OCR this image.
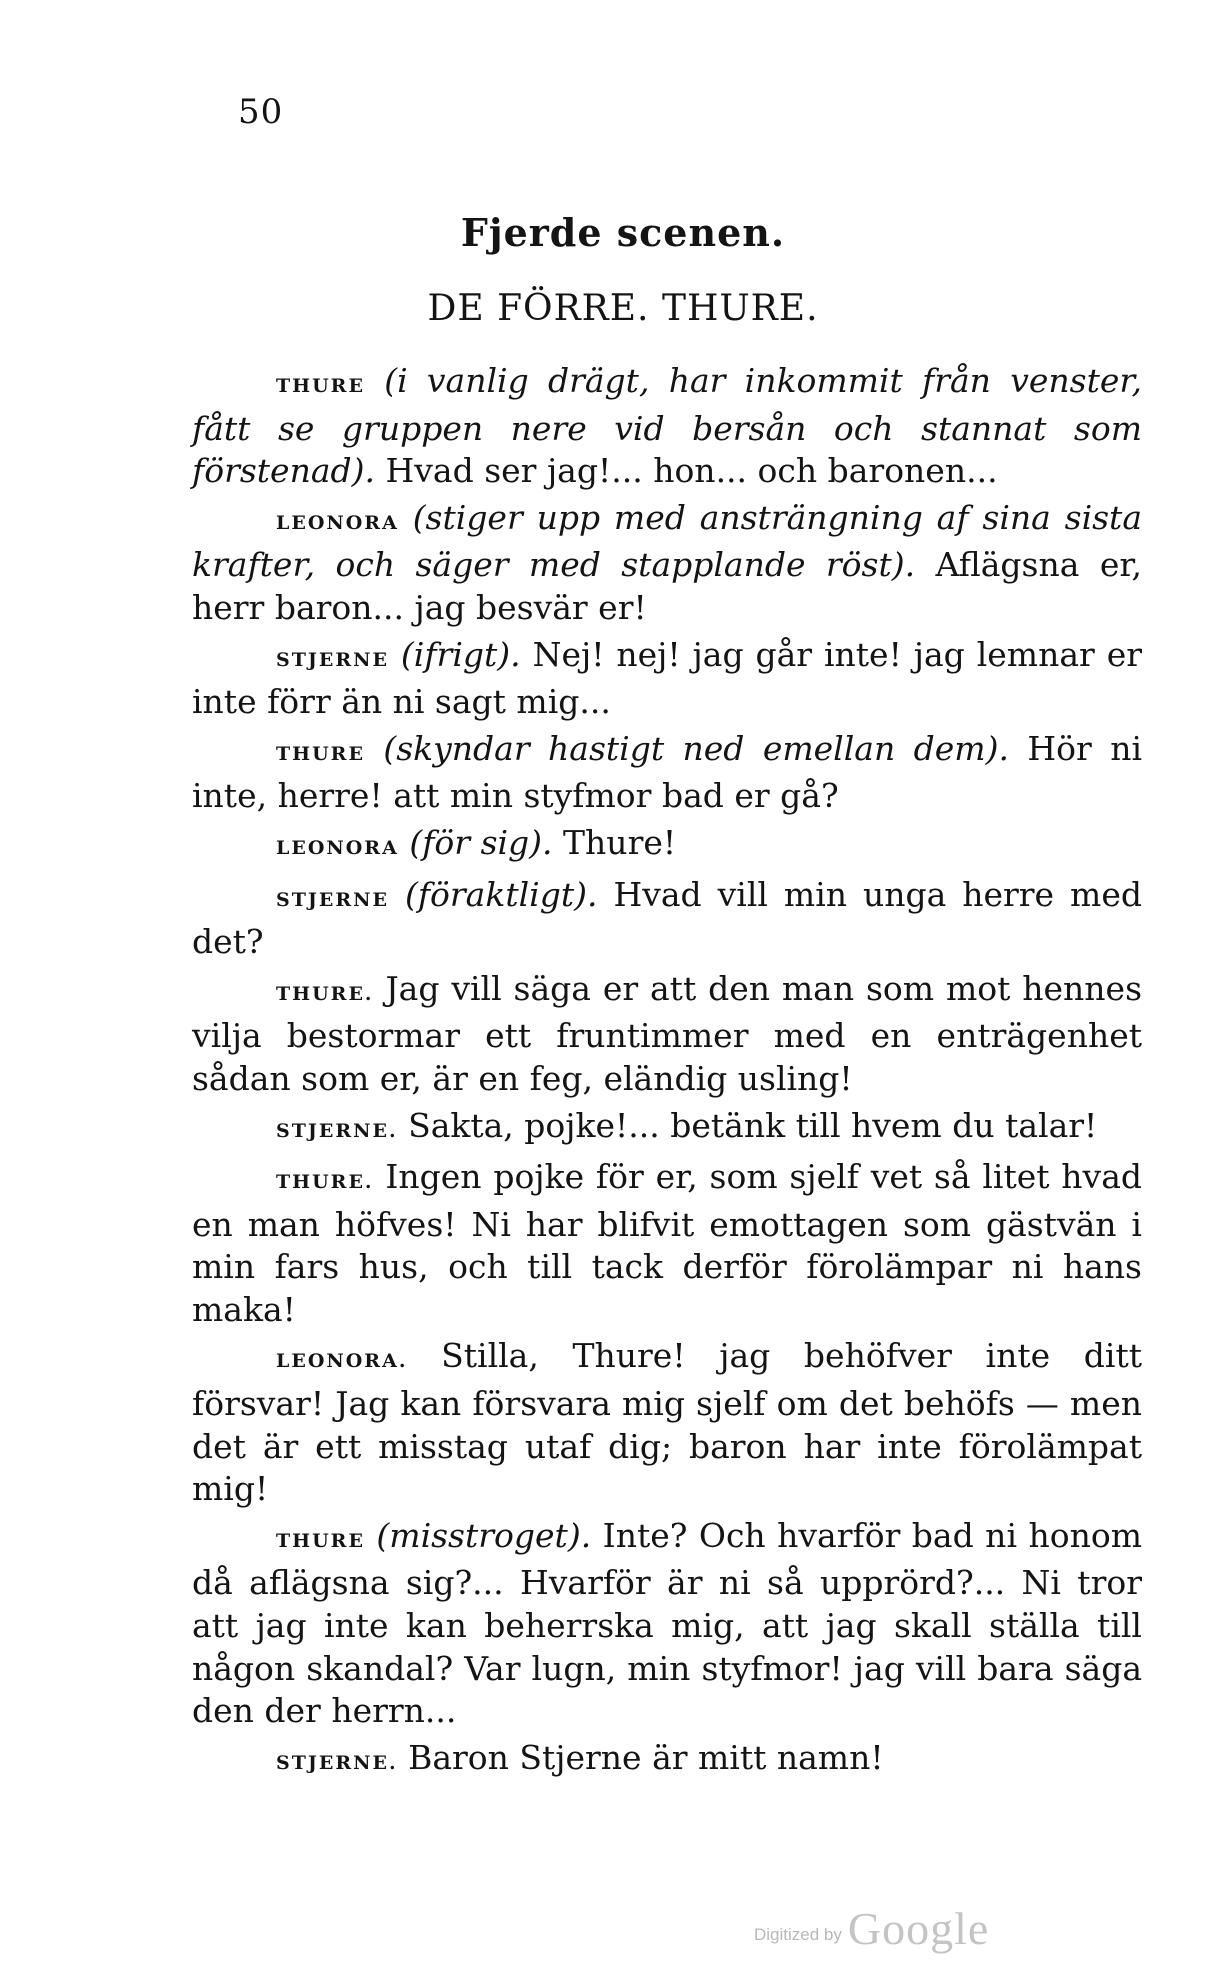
50
Fjerde scenen.
DE FÖRRE. THURE.

THURE (i vanlig drägt, har inkommit från venster, fått se gruppen nere vid bersån och stannat som förstenad). Hvad ser jag!... hon... och baronen...

LEONORA (stiger upp med ansträngning af sina sista krafter, och säger med stapplande röst). Aflägsna er, herr baron... jag besvär er!

STJERNE (ifrigt). Nej! nej! jag går inte! jag lemnar er inte förr än ni sagt mig...

THURE (skyndar hastigt ned emellan dem). Hör ni inte, herre! att min styfmor bad er gå?

LEONORA (för sig). Thure!

STJERNE (föraktligt). Hvad vill min unga herre med det?

THURE. Jag vill säga er att den man som mot hennes vilja bestormar ett fruntimmer med en enträgenhet sådan som er, är en feg, eländig usling!

STJERNE. Sakta, pojke!... betänk till hvem du talar!

THURE. Ingen pojke för er, som sjelf vet så litet hvad en man höfves! Ni har blifvit emottagen som gästvän i min fars hus, och till tack derför förolämpar ni hans maka!

LEONORA. Stilla, Thure! jag behöfver inte ditt försvar! Jag kan försvara mig sjelf om det behöfs — men det är ett misstag utaf dig; baron har inte förolämpat mig!

THURE (misstroget). Inte? Och hvarför bad ni honom då aflägsna sig?... Hvarför är ni så upprörd?... Ni tror att jag inte kan beherrska mig, att jag skall ställa till någon skandal? Var lugn, min styfmor! jag vill bara säga den der herrn...

STJERNE. Baron Stjerne är mitt namn!

Digitized by Google
